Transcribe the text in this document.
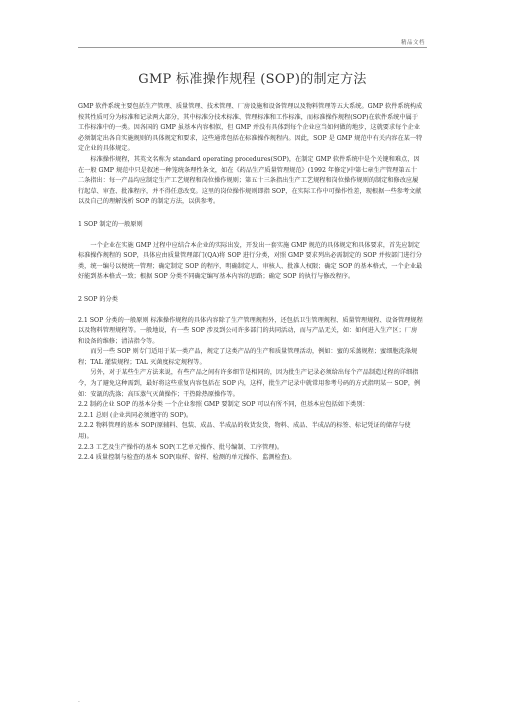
精品文档
GMP 标准操作规程 (SOP)的制定方法

GMP 软件系统主要包括生产管理、质量管理、技术管理、厂房设施和设备管理以及物料管理等五大系统。GMP 软件系统构成按其性质可分为标准和记录两大部分，其中标准分技术标准、管理标准和工作标准，而标准操作规程(SOP)在软件系统中属于工作标准中的一类。因各国的 GMP 虽基本内容相似，但 GMP 并没有具体到每个企业应当如何做的地步，这就要求每个企业必须制定出各自实施规则的具体规定和要求，这些通常包括在标准操作规程内。因此，SOP 是 GMP 规范中有关内容在某一特定企业的具体规定。

标准操作规程，其英文名称为 standard operating procedures(SOP)，在制定 GMP 软件系统中是个关键和难点，因在一般 GMP 规范中只是叙述一种笼统条理性条文，如在《药品生产质量管理规范》(1992 年修定)中第七章生产管理第五十二条指出：每一产品均应制定生产工艺规程和岗位操作规则；第五十三条指出生产工艺规程和岗位操作规则的制定和修改应履行起草、审查、批准程序，并不得任意改变。这里的岗位操作规则即指 SOP，在实际工作中可操作性差，现根据一些参考文献以及自己的理解浅析 SOP 的制定方法，以供参考。

1 SOP 制定的一般原则

一个企业在实施 GMP 过程中应结合本企业的实际出发，开发出一套实施 GMP 规范的具体规定和具体要求，首先应制定标准操作规程的 SOP，具体应由质量管理部门(QA)将 SOP 进行分类，对照 GMP 要求列出必需制定的 SOP 并按部门进行分类，统一编号以便统一管理；确定制定 SOP 的程序，明确制定人、审核人、批准人权限；确定 SOP 的基本格式，一个企业最好能到基本格式一致；根据 SOP 分类不同确定编写基本内容的思路；确定 SOP 的执行与修改程序。

2 SOP 的分类

2.1 SOP 分类的一般原则 标准操作规程的具体内容除了生产管理规程外，还包括卫生管理规程、质量管理规程、设备管理规程以及物料管理规程等。一般地说，有一些 SOP 涉及到公司许多部门的共同活动，而与产品无关，如：如何进入生产区；厂房和设备的维修；清洁指令等。

而另一些 SOP 则专门适用于某一类产品，规定了这类产品的生产和质量管理活动，例如：蜜的采蒸规程；蜜细胞洗涤规程；TAL 灌装规程；TAL 灭菌度标定规程等。

另外，对于某些生产方法来说，有些产品之间有许多细节是相同的，因为批生产记录必须给出每个产品制造过程的详细指令，为了避免这种需到，最好将这些重复内容包括在 SOP 内，这样，批生产记录中就常用参考号码的方式指明某一 SOP，例如：安瓿的洗涤；高压蒸气灭菌操作；干热除热原操作等。

2.2 制药企业 SOP 的基本分类 一个企业参照 GMP 要制定 SOP 可以有所不同，但基本应包括如下类别：

2.2.1 总则 (企业共同必须遵守的 SOP)。

2.2.2 物料管理的基本 SOP(原辅料、包装、成品、半成品的收货发货，物料、成品、半成品的标签、标记凭证的储存与使用)。

2.2.3 工艺及生产操作的基本 SOP(工艺单元操作、批号编制、工序管理)。

2.2.4 质量控制与检查的基本 SOP(取样、留样、检测的单元操作、监测检查)。

.
